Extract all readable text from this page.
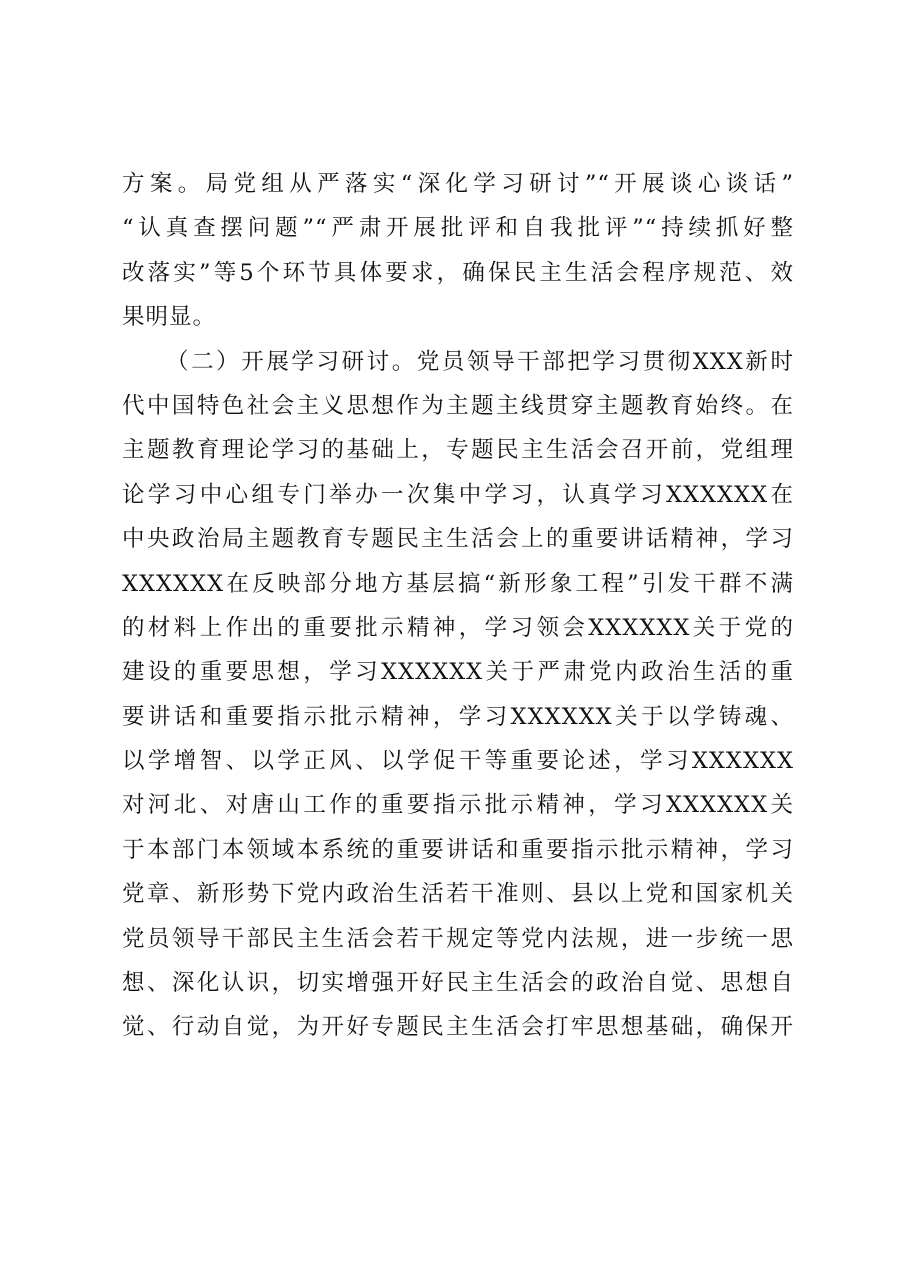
方案。局党组从严落实“深化学习研讨”“开展谈心谈话”
“认真查摆问题”“严肃开展批评和自我批评”“持续抓好整
改落实”等5个环节具体要求，确保民主生活会程序规范、效
果明显。
（二）开展学习研讨。党员领导干部把学习贯彻XXX新时
代中国特色社会主义思想作为主题主线贯穿主题教育始终。在
主题教育理论学习的基础上，专题民主生活会召开前，党组理
论学习中心组专门举办一次集中学习，认真学习XXXXXX在
中央政治局主题教育专题民主生活会上的重要讲话精神，学习
XXXXXX在反映部分地方基层搞“新形象工程”引发干群不满
的材料上作出的重要批示精神，学习领会XXXXXX关于党的
建设的重要思想，学习XXXXXX关于严肃党内政治生活的重
要讲话和重要指示批示精神，学习XXXXXX关于以学铸魂、
以学增智、以学正风、以学促干等重要论述，学习XXXXXX
对河北、对唐山工作的重要指示批示精神，学习XXXXXX关
于本部门本领域本系统的重要讲话和重要指示批示精神，学习
党章、新形势下党内政治生活若干准则、县以上党和国家机关
党员领导干部民主生活会若干规定等党内法规，进一步统一思
想、深化认识，切实增强开好民主生活会的政治自觉、思想自
觉、行动自觉，为开好专题民主生活会打牢思想基础，确保开
